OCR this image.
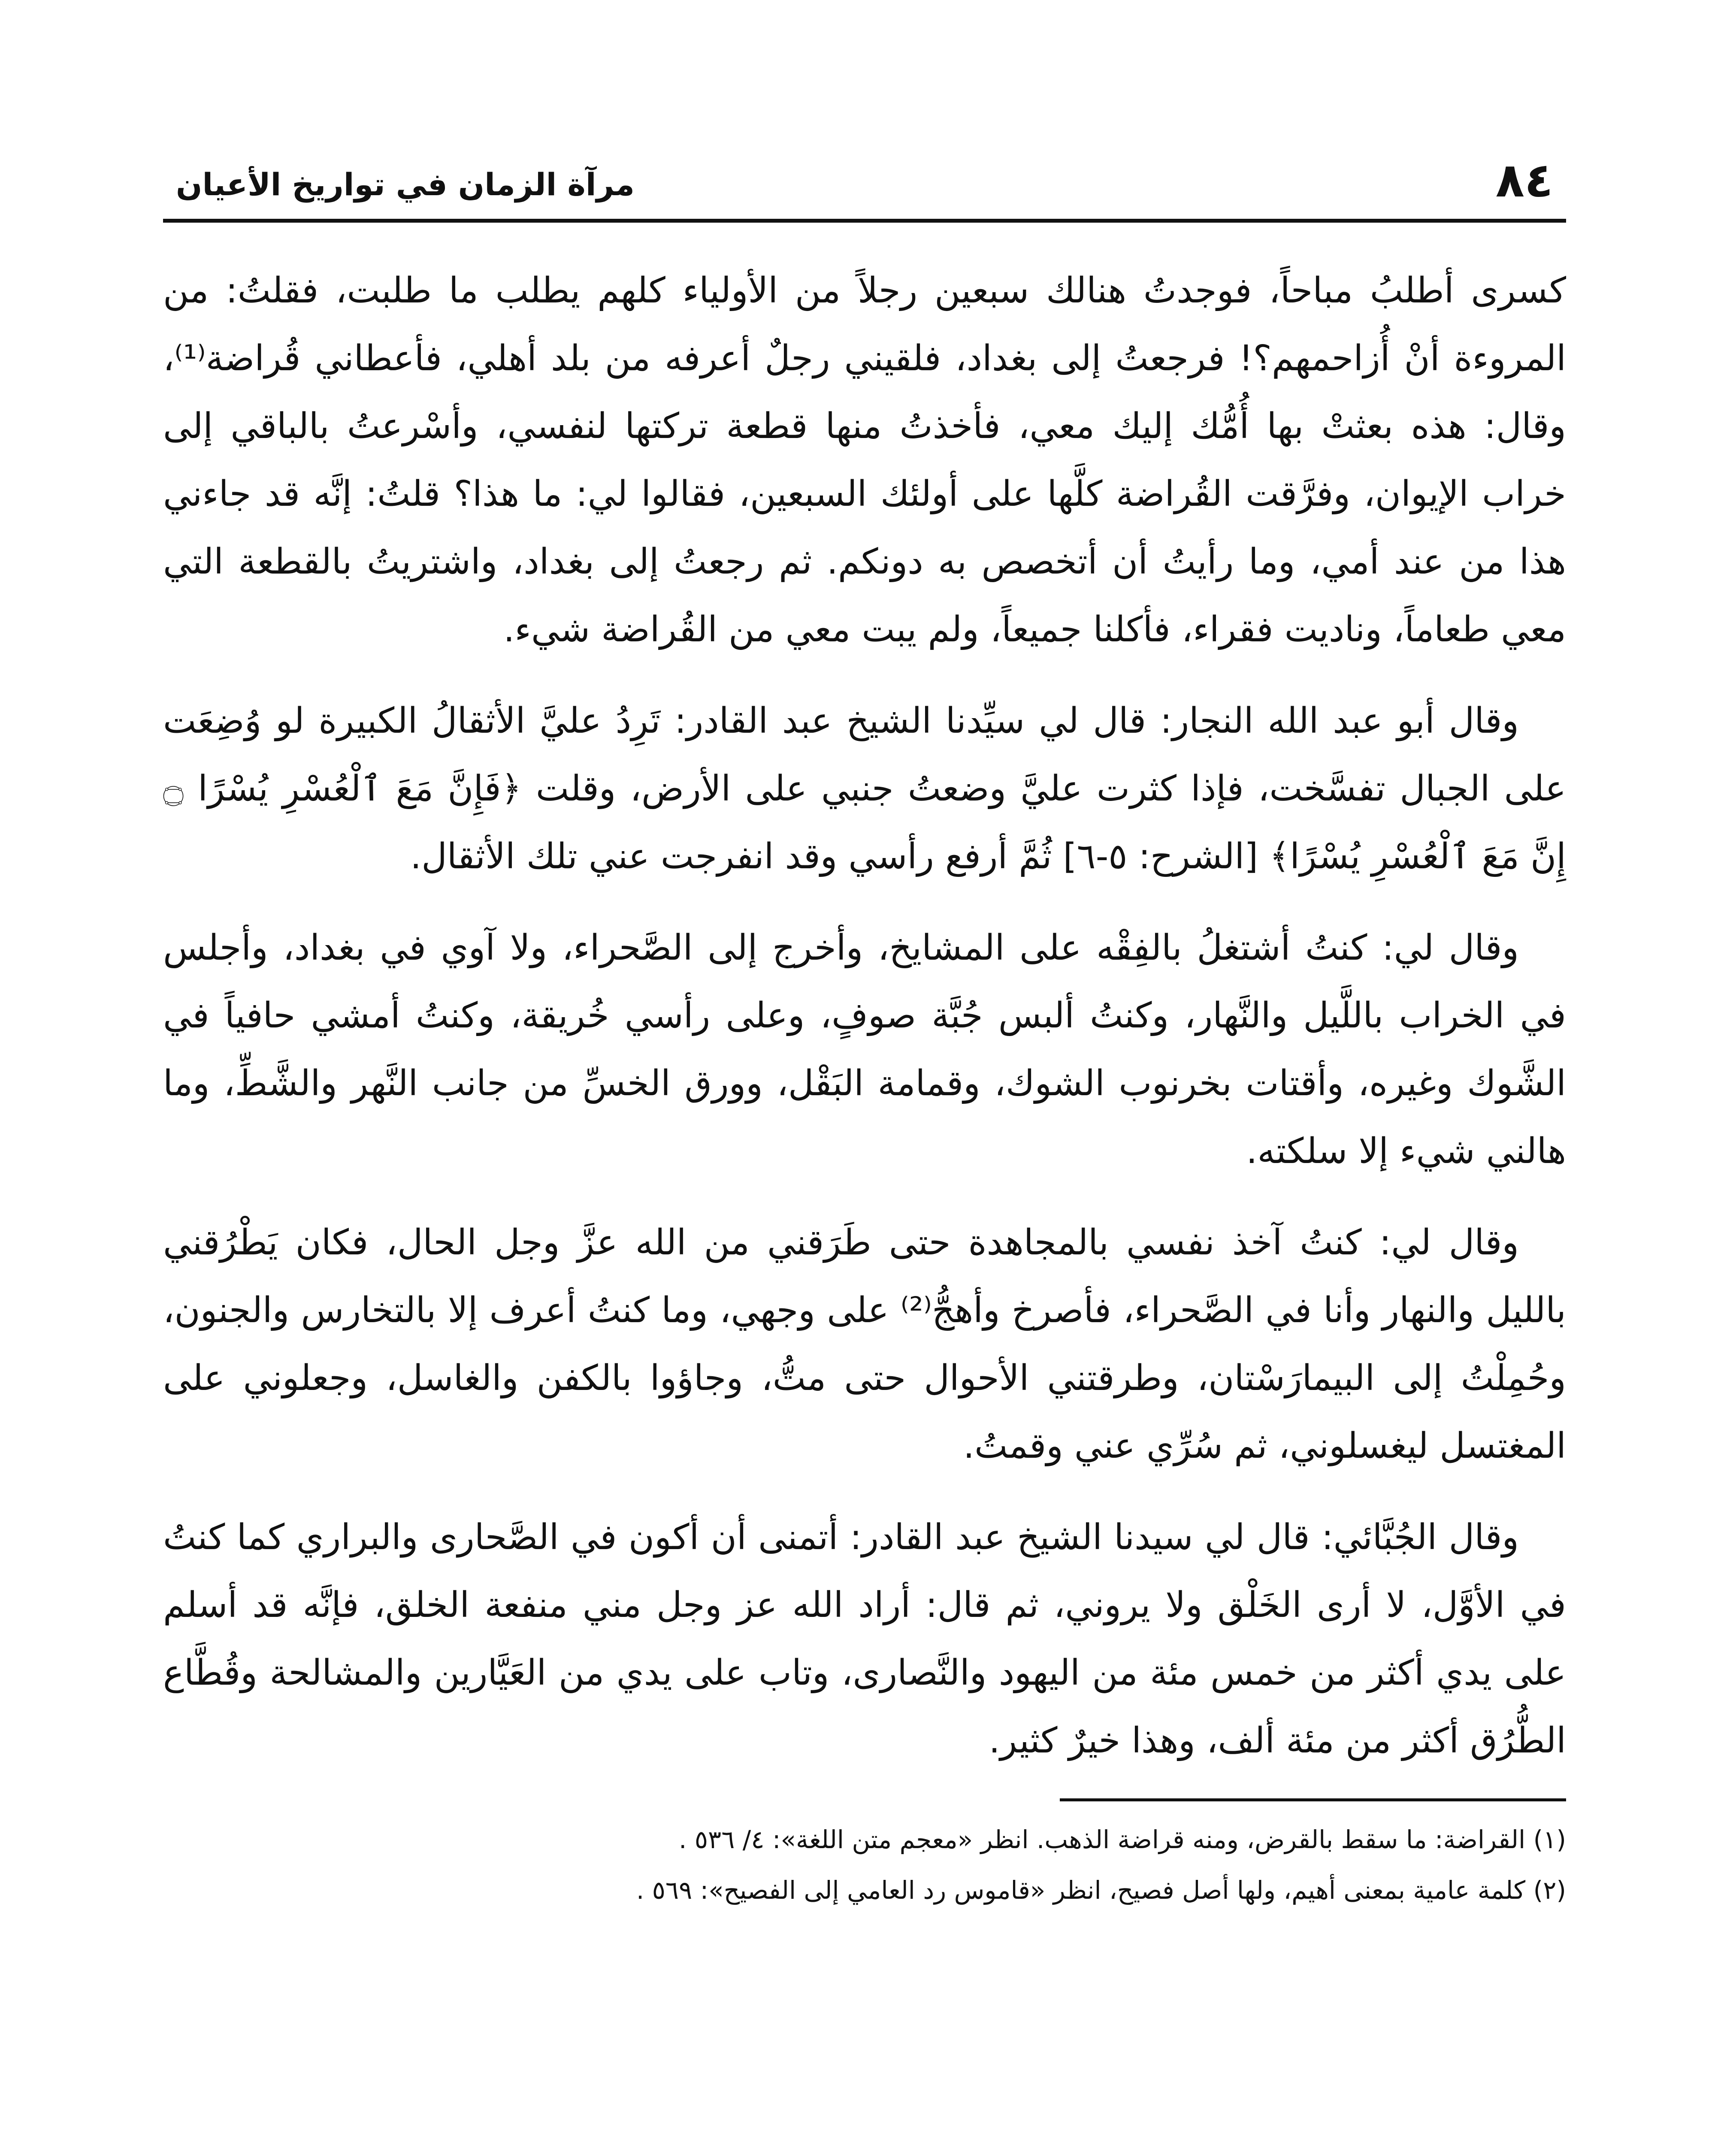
٨٤
مرآة الزمان في تواريخ الأعيان

كسرى أطلبُ مباحاً، فوجدتُ هنالك سبعين رجلاً من الأولياء كلهم يطلب ما طلبت، فقلتُ: من المروءة أنْ أُزاحمهم؟! فرجعتُ إلى بغداد، فلقيني رجلٌ أعرفه من بلد أهلي، فأعطاني قُراضة⁽¹⁾، وقال: هذه بعثتْ بها أُمُّك إليك معي، فأخذتُ منها قطعة تركتها لنفسي، وأسْرعتُ بالباقي إلى خراب الإيوان، وفرَّقت القُراضة كلَّها على أولئك السبعين، فقالوا لي: ما هذا؟ قلتُ: إنَّه قد جاءني هذا من عند أمي، وما رأيتُ أن أتخصص به دونكم. ثم رجعتُ إلى بغداد، واشتريتُ بالقطعة التي معي طعاماً، وناديت فقراء، فأكلنا جميعاً، ولم يبت معي من القُراضة شيء.

وقال أبو عبد الله النجار: قال لي سيِّدنا الشيخ عبد القادر: تَرِدُ عليَّ الأثقالُ الكبيرة لو وُضِعَت على الجبال تفسَّخت، فإذا كثرت عليَّ وضعتُ جنبي على الأرض، وقلت ﴿فَإِنَّ مَعَ ٱلْعُسْرِ يُسْرًا ۝ إِنَّ مَعَ ٱلْعُسْرِ يُسْرًا﴾ [الشرح: ٥-٦] ثُمَّ أرفع رأسي وقد انفرجت عني تلك الأثقال.

وقال لي: كنتُ أشتغلُ بالفِقْه على المشايخ، وأخرج إلى الصَّحراء، ولا آوي في بغداد، وأجلس في الخراب باللَّيل والنَّهار، وكنتُ ألبس جُبَّة صوفٍ، وعلى رأسي خُريقة، وكنتُ أمشي حافياً في الشَّوك وغيره، وأقتات بخرنوب الشوك، وقمامة البَقْل، وورق الخسِّ من جانب النَّهر والشَّطِّ، وما هالني شيء إلا سلكته.

وقال لي: كنتُ آخذ نفسي بالمجاهدة حتى طَرَقني من الله عزَّ وجل الحال، فكان يَطْرُقني بالليل والنهار وأنا في الصَّحراء، فأصرخ وأهجُّ⁽²⁾ على وجهي، وما كنتُ أعرف إلا بالتخارس والجنون، وحُمِلْتُ إلى البيمارَسْتان، وطرقتني الأحوال حتى متُّ، وجاؤوا بالكفن والغاسل، وجعلوني على المغتسل ليغسلوني، ثم سُرِّي عني وقمتُ.

وقال الجُبَّائي: قال لي سيدنا الشيخ عبد القادر: أتمنى أن أكون في الصَّحارى والبراري كما كنتُ في الأوَّل، لا أرى الخَلْق ولا يروني، ثم قال: أراد الله عز وجل مني منفعة الخلق، فإنَّه قد أسلم على يدي أكثر من خمس مئة من اليهود والنَّصارى، وتاب على يدي من العَيَّارين والمشالحة وقُطَّاع الطُّرُق أكثر من مئة ألف، وهذا خيرٌ كثير.

(١) القراضة: ما سقط بالقرض، ومنه قراضة الذهب. انظر «معجم متن اللغة»: ٤/ ٥٣٦ .

(٢) كلمة عامية بمعنى أهيم، ولها أصل فصيح، انظر «قاموس رد العامي إلى الفصيح»: ٥٦٩ .
